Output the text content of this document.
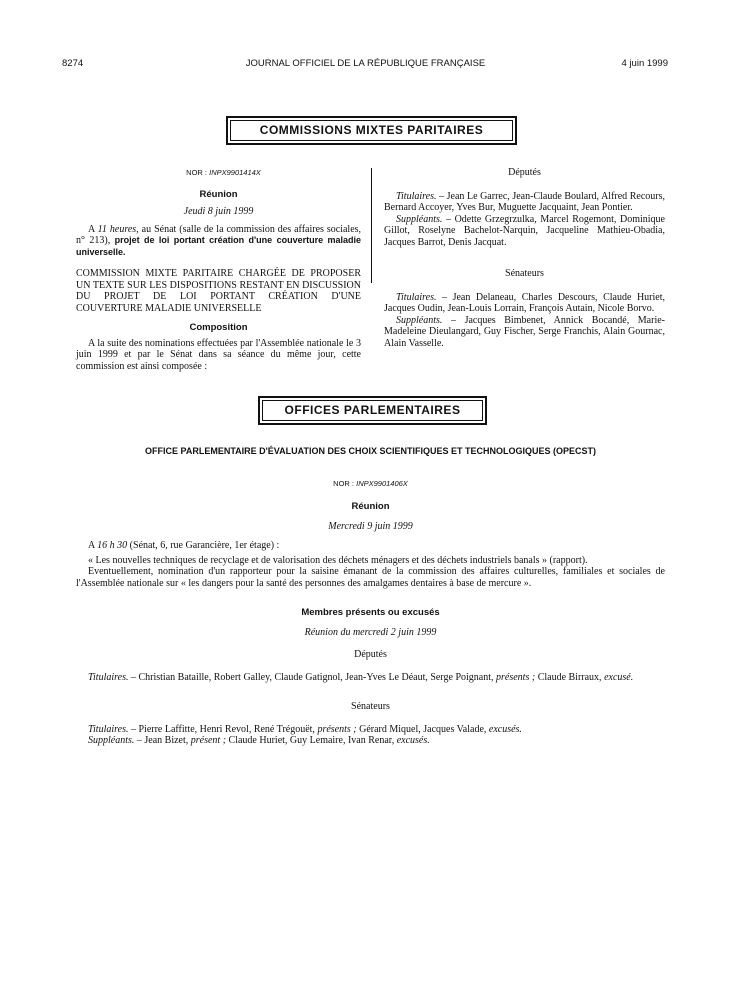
8274	JOURNAL OFFICIEL DE LA RÉPUBLIQUE FRANÇAISE	4 juin 1999
COMMISSIONS MIXTES PARITAIRES
NOR : INPX9901414X
Réunion
Jeudi 8 juin 1999

A 11 heures, au Sénat (salle de la commission des affaires sociales, n° 213), projet de loi portant création d'une couverture maladie universelle.

COMMISSION MIXTE PARITAIRE CHARGÉE DE PROPOSER UN TEXTE SUR LES DISPOSITIONS RESTANT EN DISCUSSION DU PROJET DE LOI PORTANT CRÉATION D'UNE COUVERTURE MALADIE UNIVERSELLE

Composition

A la suite des nominations effectuées par l'Assemblée nationale le 3 juin 1999 et par le Sénat dans sa séance du même jour, cette commission est ainsi composée :

Députés

Titulaires. – Jean Le Garrec, Jean-Claude Boulard, Alfred Recours, Bernard Accoyer, Yves Bur, Muguette Jacquaint, Jean Pontier.

Suppléants. – Odette Grzegrzulka, Marcel Rogemont, Dominique Gillot, Roselyne Bachelot-Narquin, Jacqueline Mathieu-Obadia, Jacques Barrot, Denis Jacquat.

Sénateurs

Titulaires. – Jean Delaneau, Charles Descours, Claude Huriet, Jacques Oudin, Jean-Louis Lorrain, François Autain, Nicole Borvo.

Suppléants. – Jacques Bimbenet, Annick Bocandé, Marie-Madeleine Dieulangard, Guy Fischer, Serge Franchis, Alain Gournac, Alain Vasselle.

OFFICES PARLEMENTAIRES
OFFICE PARLEMENTAIRE D'ÉVALUATION DES CHOIX SCIENTIFIQUES ET TECHNOLOGIQUES (OPECST)
NOR : INPX9901406X
Réunion
Mercredi 9 juin 1999

A 16 h 30 (Sénat, 6, rue Garancière, 1er étage) :

« Les nouvelles techniques de recyclage et de valorisation des déchets ménagers et des déchets industriels banals » (rapport).

Eventuellement, nomination d'un rapporteur pour la saisine émanant de la commission des affaires culturelles, familiales et sociales de l'Assemblée nationale sur « les dangers pour la santé des personnes des amalgames dentaires à base de mercure ».

Membres présents ou excusés
Réunion du mercredi 2 juin 1999
Députés

Titulaires. – Christian Bataille, Robert Galley, Claude Gatignol, Jean-Yves Le Déaut, Serge Poignant, présents ; Claude Birraux, excusé.

Sénateurs

Titulaires. – Pierre Laffitte, Henri Revol, René Trégouët, présents ; Gérard Miquel, Jacques Valade, excusés.

Suppléants. – Jean Bizet, présent ; Claude Huriet, Guy Lemaire, Ivan Renar, excusés.
